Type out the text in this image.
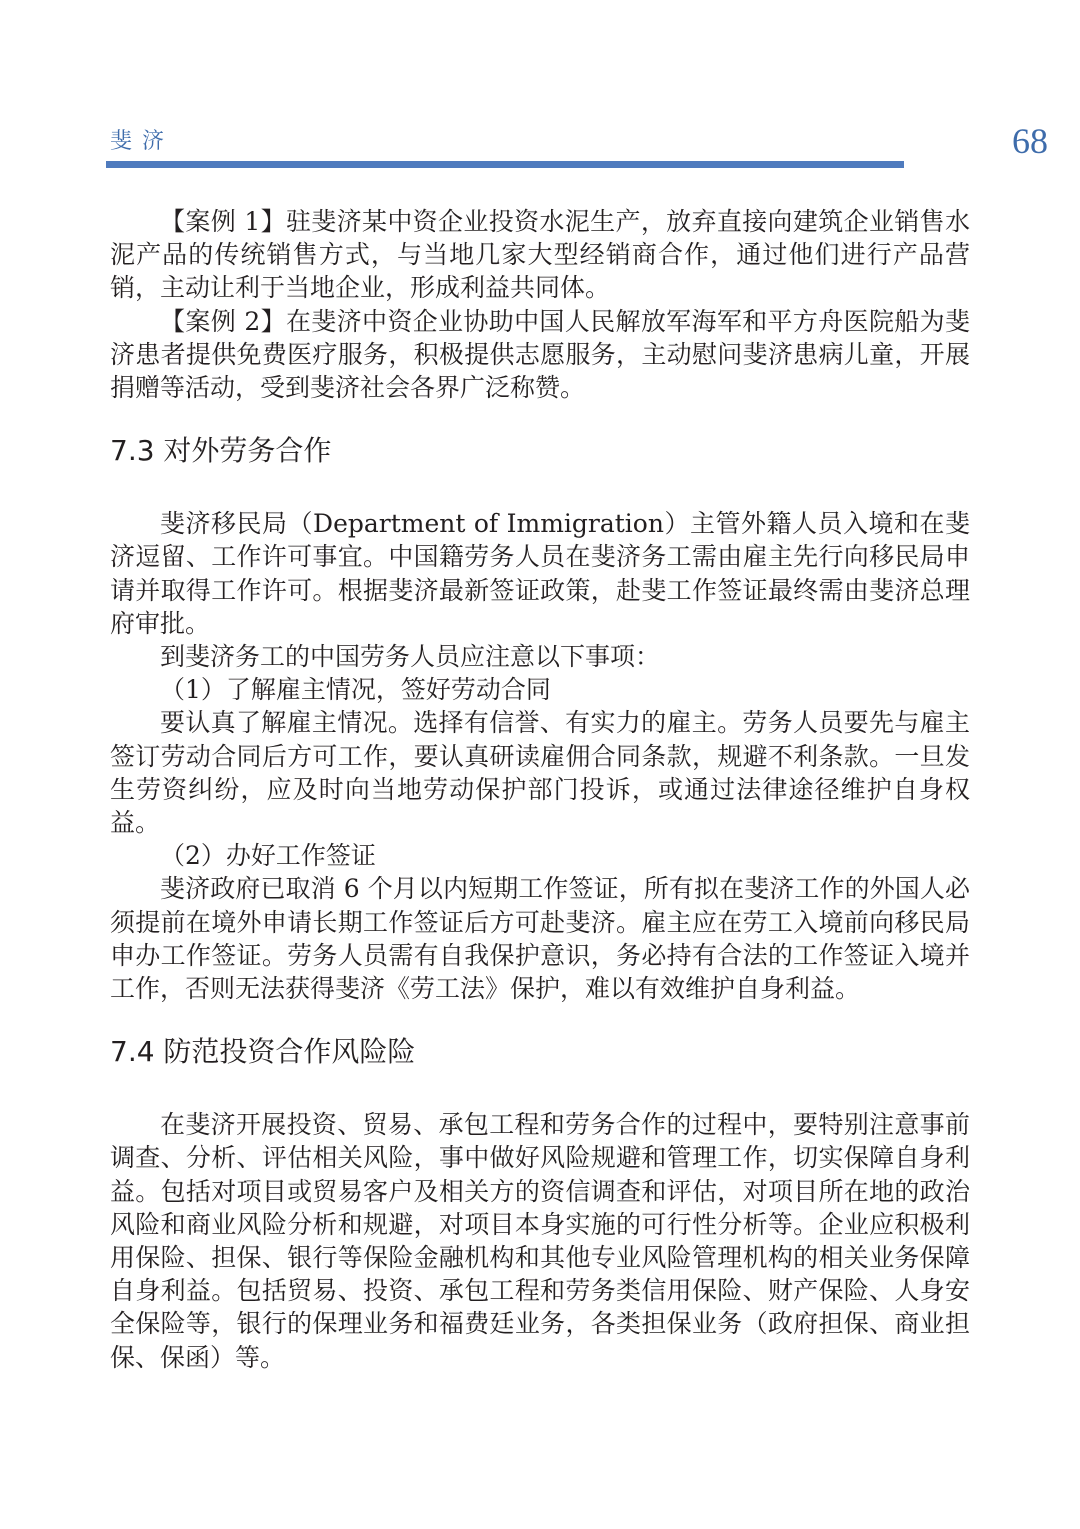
斐济	68

【案例 1】驻斐济某中资企业投资水泥生产，放弃直接向建筑企业销售水泥产品的传统销售方式，与当地几家大型经销商合作，通过他们进行产品营销，主动让利于当地企业，形成利益共同体。

【案例 2】在斐济中资企业协助中国人民解放军海军和平方舟医院船为斐济患者提供免费医疗服务，积极提供志愿服务，主动慰问斐济患病儿童，开展捐赠等活动，受到斐济社会各界广泛称赞。

7.3 对外劳务合作

斐济移民局（Department of Immigration）主管外籍人员入境和在斐济逗留、工作许可事宜。中国籍劳务人员在斐济务工需由雇主先行向移民局申请并取得工作许可。根据斐济最新签证政策，赴斐工作签证最终需由斐济总理府审批。

到斐济务工的中国劳务人员应注意以下事项：

（1）了解雇主情况，签好劳动合同

要认真了解雇主情况。选择有信誉、有实力的雇主。劳务人员要先与雇主签订劳动合同后方可工作，要认真研读雇佣合同条款，规避不利条款。一旦发生劳资纠纷，应及时向当地劳动保护部门投诉，或通过法律途径维护自身权益。

（2）办好工作签证

斐济政府已取消 6 个月以内短期工作签证，所有拟在斐济工作的外国人必须提前在境外申请长期工作签证后方可赴斐济。雇主应在劳工入境前向移民局申办工作签证。劳务人员需有自我保护意识，务必持有合法的工作签证入境并工作，否则无法获得斐济《劳工法》保护，难以有效维护自身利益。

7.4 防范投资合作风险险

在斐济开展投资、贸易、承包工程和劳务合作的过程中，要特别注意事前调查、分析、评估相关风险，事中做好风险规避和管理工作，切实保障自身利益。包括对项目或贸易客户及相关方的资信调查和评估，对项目所在地的政治风险和商业风险分析和规避，对项目本身实施的可行性分析等。企业应积极利用保险、担保、银行等保险金融机构和其他专业风险管理机构的相关业务保障自身利益。包括贸易、投资、承包工程和劳务类信用保险、财产保险、人身安全保险等，银行的保理业务和福费廷业务，各类担保业务（政府担保、商业担保、保函）等。
